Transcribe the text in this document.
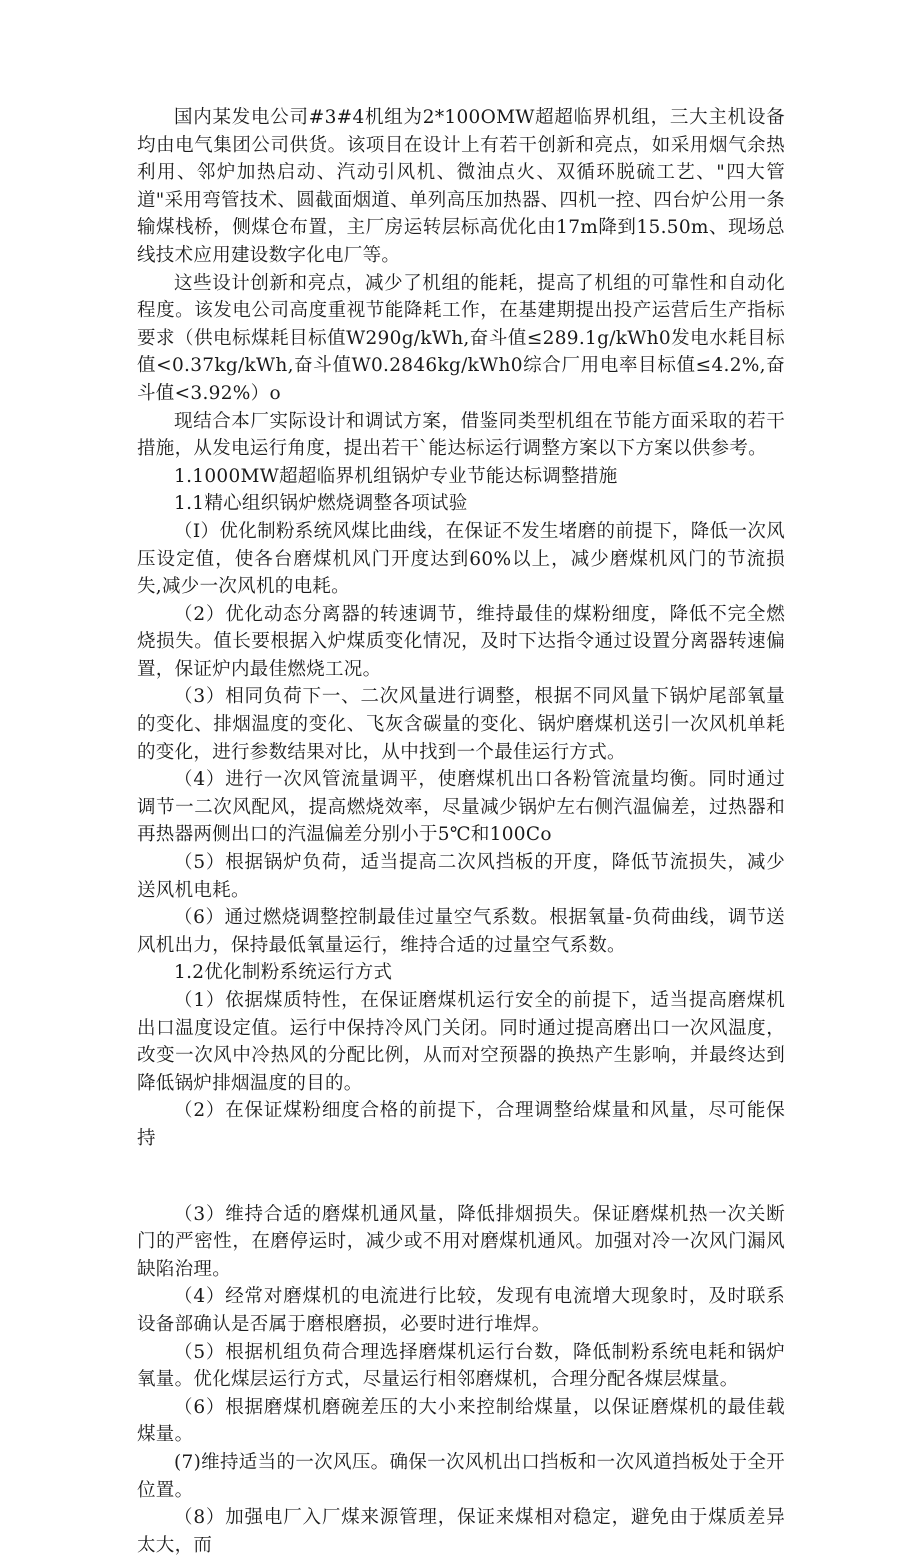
国内某发电公司#3#4机组为2*100OMW超超临界机组，三大主机设备均由电气集团公司供货。该项目在设计上有若干创新和亮点，如采用烟气余热利用、邻炉加热启动、汽动引风机、微油点火、双循环脱硫工艺、"四大管道"采用弯管技术、圆截面烟道、单列高压加热器、四机一控、四台炉公用一条输煤栈桥，侧煤仓布置，主厂房运转层标高优化由17m降到15.50m、现场总线技术应用建设数字化电厂等。

这些设计创新和亮点，减少了机组的能耗，提高了机组的可靠性和自动化程度。该发电公司高度重视节能降耗工作，在基建期提出投产运营后生产指标要求（供电标煤耗目标值W290g/kWh,奋斗值≤289.1g/kWh0发电水耗目标值<0.37kg/kWh,奋斗值W0.2846kg/kWh0综合厂用电率目标值≤4.2%,奋斗值<3.92%）o

现结合本厂实际设计和调试方案，借鉴同类型机组在节能方面采取的若干措施，从发电运行角度，提出若干`能达标运行调整方案以下方案以供参考。

1.1000MW超超临界机组锅炉专业节能达标调整措施

1.1精心组织锅炉燃烧调整各项试验

（I）优化制粉系统风煤比曲线，在保证不发生堵磨的前提下，降低一次风压设定值，使各台磨煤机风门开度达到60%以上，减少磨煤机风门的节流损失,减少一次风机的电耗。

（2）优化动态分离器的转速调节，维持最佳的煤粉细度，降低不完全燃烧损失。值长要根据入炉煤质变化情况，及时下达指令通过设置分离器转速偏置，保证炉内最佳燃烧工况。

（3）相同负荷下一、二次风量进行调整，根据不同风量下锅炉尾部氧量的变化、排烟温度的变化、飞灰含碳量的变化、锅炉磨煤机送引一次风机单耗的变化，进行参数结果对比，从中找到一个最佳运行方式。

（4）进行一次风管流量调平，使磨煤机出口各粉管流量均衡。同时通过调节一二次风配风，提高燃烧效率，尽量减少锅炉左右侧汽温偏差，过热器和再热器两侧出口的汽温偏差分别小于5℃和100Co

（5）根据锅炉负荷，适当提高二次风挡板的开度，降低节流损失，减少送风机电耗。

（6）通过燃烧调整控制最佳过量空气系数。根据氧量-负荷曲线，调节送风机出力，保持最低氧量运行，维持合适的过量空气系数。

1.2优化制粉系统运行方式

（1）依据煤质特性，在保证磨煤机运行安全的前提下，适当提高磨煤机出口温度设定值。运行中保持冷风门关闭。同时通过提高磨出口一次风温度，改变一次风中冷热风的分配比例，从而对空预器的换热产生影响，并最终达到降低锅炉排烟温度的目的。

（2）在保证煤粉细度合格的前提下，合理调整给煤量和风量，尽可能保持

（3）维持合适的磨煤机通风量，降低排烟损失。保证磨煤机热一次关断门的严密性，在磨停运时，减少或不用对磨煤机通风。加强对冷一次风门漏风缺陷治理。

（4）经常对磨煤机的电流进行比较，发现有电流增大现象时，及时联系设备部确认是否属于磨根磨损，必要时进行堆焊。

（5）根据机组负荷合理选择磨煤机运行台数，降低制粉系统电耗和锅炉氧量。优化煤层运行方式，尽量运行相邻磨煤机，合理分配各煤层煤量。

（6）根据磨煤机磨碗差压的大小来控制给煤量，以保证磨煤机的最佳载煤量。

(7)维持适当的一次风压。确保一次风机出口挡板和一次风道挡板处于全开位置。

（8）加强电厂入厂煤来源管理，保证来煤相对稳定，避免由于煤质差异太大，而
